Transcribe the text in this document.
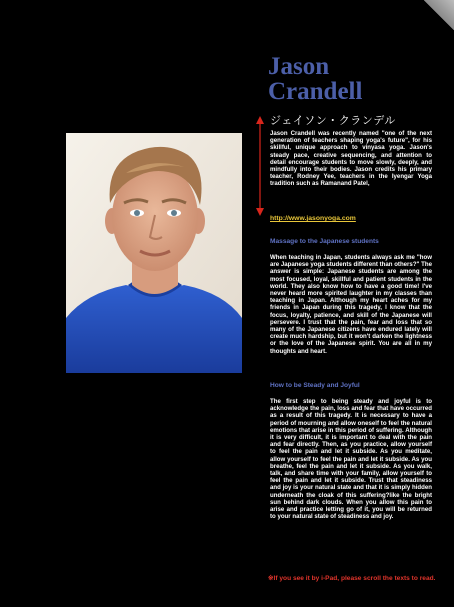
Jason
Crandell
ジェイソン・クランデル
Jason Crandell was recently named "one of the next generation of teachers shaping yoga's future", for his skillful, unique approach to vinyasa yoga. Jason's steady pace, creative sequencing, and attention to detail encourage students to move slowly, deeply, and mindfully into their bodies. Jason credits his primary teacher, Rodney Yee, teachers in the Iyengar Yoga tradition such as Ramanand Patel,
http://www.jasonyoga.com
Massage to the Japanese students
When teaching in Japan, students always ask me "how are Japanese yoga students different than others?" The answer is simple: Japanese students are among the most focused, loyal, skillful and patient students in the world. They also know how to have a good time! I've never heard more spirited laughter in my classes than teaching in Japan. Although my heart aches for my friends in Japan during this tragedy, I know that the focus, loyalty, patience, and skill of the Japanese will persevere. I trust that the pain, fear and loss that so many of the Japanese citizens have endured lately will create much hardship, but it won't darken the lightness or the love of the Japanese spirit. You are all in my thoughts and heart.
How to be Steady and Joyful
The first step to being steady and joyful is to acknowledge the pain, loss and fear that have occurred as a result of this tragedy. It is necessary to have a period of mourning and allow oneself to feel the natural emotions that arise in this period of suffering. Although it is very difficult, it is important to deal with the pain and fear directly. Then, as you practice, allow yourself to feel the pain and let it subside. As you meditate, allow yourself to feel the pain and let it subside. As you breathe, feel the pain and let it subside. As you walk, talk, and share time with your family, allow yourself to feel the pain and let it subside. Trust that steadiness and joy is your natural state and that it is simply hidden underneath the cloak of this suffering?like the bright sun behind dark clouds. When you allow this pain to arise and practice letting go of it, you will be returned to your natural state of steadiness and joy.
※If you see it by i-Pad, please scroll the texts to read.
